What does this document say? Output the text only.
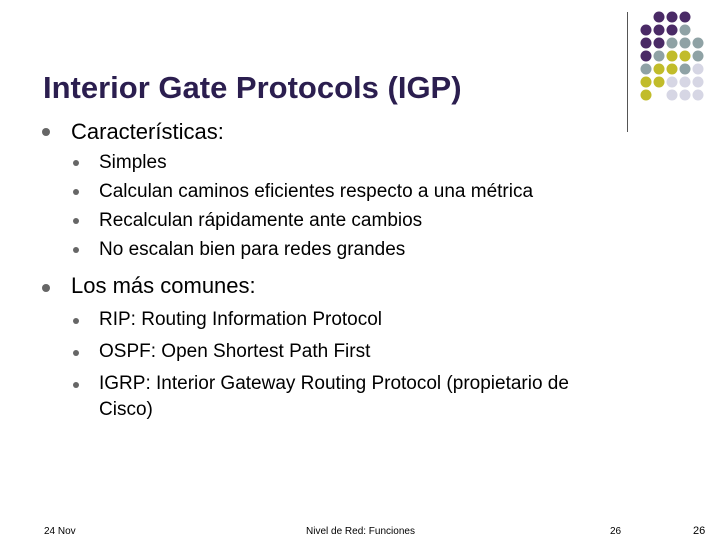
Interior Gate Protocols (IGP)
Características:
Simples
Calculan caminos eficientes respecto a una métrica
Recalculan rápidamente ante cambios
No escalan bien para redes grandes
Los más comunes:
RIP: Routing Information Protocol
OSPF: Open Shortest Path First
IGRP: Interior Gateway Routing Protocol (propietario de
Cisco)
24 Nov	Nivel de Red: Funciones	26	26
